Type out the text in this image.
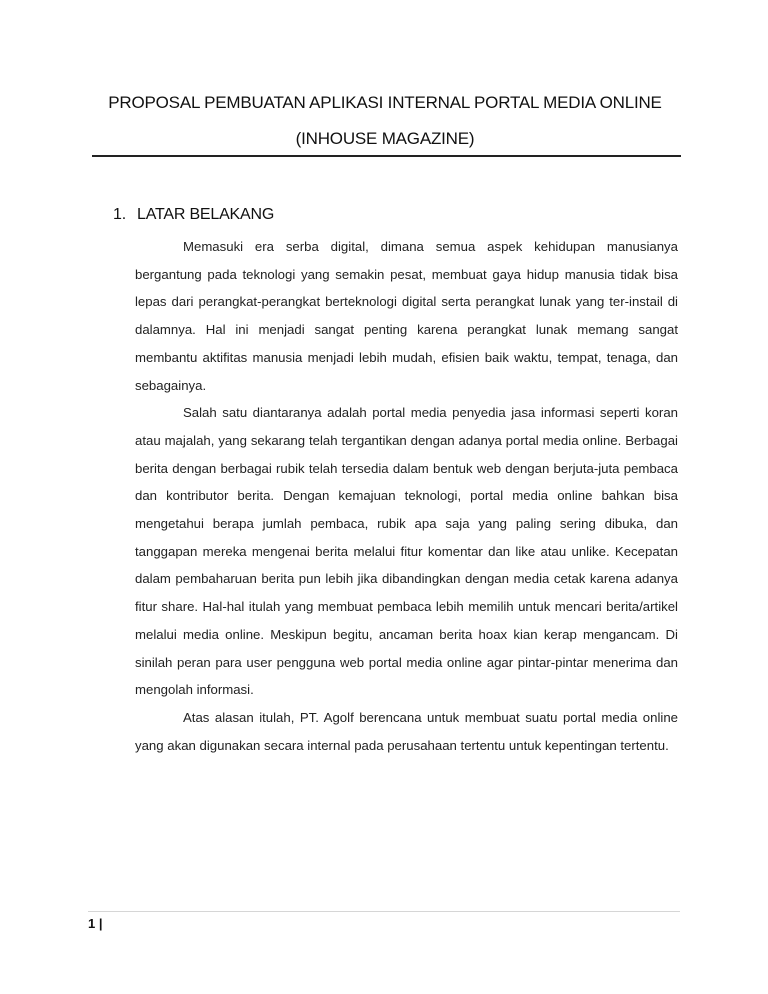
PROPOSAL PEMBUATAN APLIKASI INTERNAL PORTAL MEDIA ONLINE
(INHOUSE MAGAZINE)
1. LATAR BELAKANG

Memasuki era serba digital, dimana semua aspek kehidupan manusianya bergantung pada teknologi yang semakin pesat, membuat gaya hidup manusia tidak bisa lepas dari perangkat-perangkat berteknologi digital serta perangkat lunak yang ter-instail di dalamnya. Hal ini menjadi sangat penting karena perangkat lunak memang sangat membantu aktifitas manusia menjadi lebih mudah, efisien baik waktu, tempat, tenaga, dan sebagainya.

Salah satu diantaranya adalah portal media penyedia jasa informasi seperti koran atau majalah, yang sekarang telah tergantikan dengan adanya portal media online. Berbagai berita dengan berbagai rubik telah tersedia dalam bentuk web dengan berjuta-juta pembaca dan kontributor berita. Dengan kemajuan teknologi, portal media online bahkan bisa mengetahui berapa jumlah pembaca, rubik apa saja yang paling sering dibuka, dan tanggapan mereka mengenai berita melalui fitur komentar dan like atau unlike. Kecepatan dalam pembaharuan berita pun lebih jika dibandingkan dengan media cetak karena adanya fitur share. Hal-hal itulah yang membuat pembaca lebih memilih untuk mencari berita/artikel melalui media online. Meskipun begitu, ancaman berita hoax kian kerap mengancam. Di sinilah peran para user pengguna web portal media online agar pintar-pintar menerima dan mengolah informasi.

Atas alasan itulah, PT. Agolf berencana untuk membuat suatu portal media online yang akan digunakan secara internal pada perusahaan tertentu untuk kepentingan tertentu.

1 |
